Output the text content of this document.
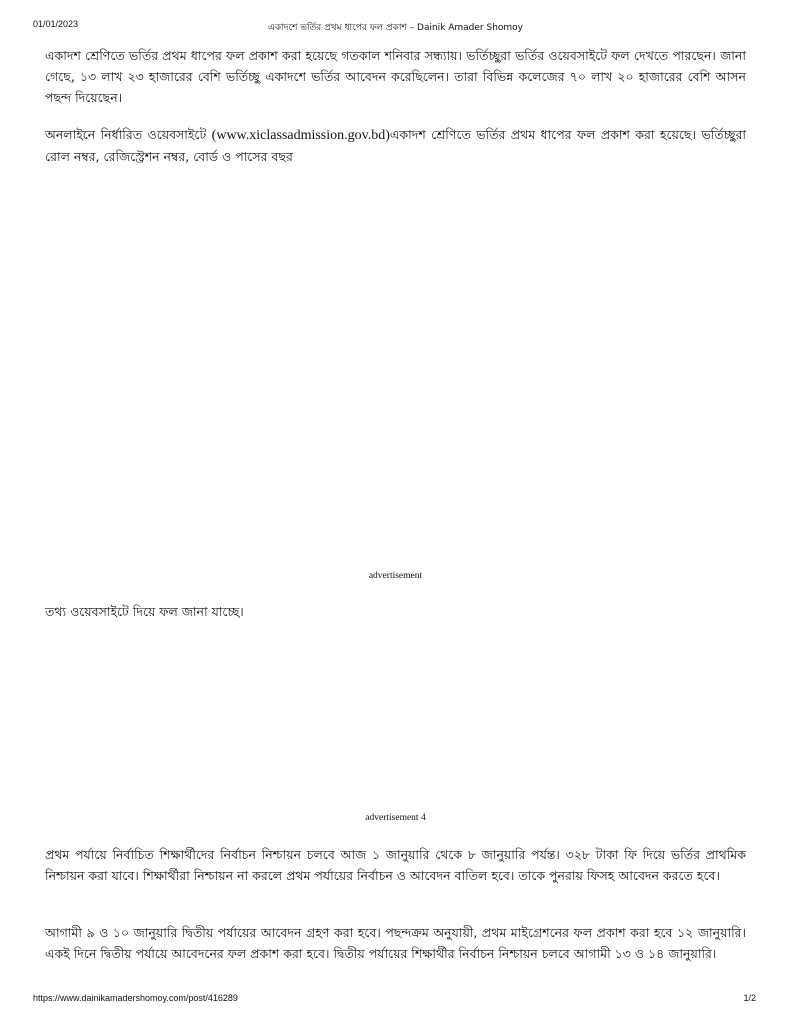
01/01/2023	একাদশে ভর্তির প্রথম ধাপের ফল প্রকাশ – Dainik Amader Shomoy

একাদশ শ্রেণিতে ভর্তির প্রথম ধাপের ফল প্রকাশ করা হয়েছে গতকাল শনিবার সন্ধ্যায়। ভর্তিচ্ছুরা ভর্তির ওয়েবসাইটে ফল দেখতে পারছেন। জানা গেছে, ১৩ লাখ ২৩ হাজারের বেশি ভর্তিচ্ছু একাদশে ভর্তির আবেদন করেছিলেন। তারা বিভিন্ন কলেজের ৭০ লাখ ২০ হাজারের বেশি আসন পছন্দ দিয়েছেন।

অনলাইনে নির্ধারিত ওয়েবসাইটে (www.xiclassadmission.gov.bd)একাদশ শ্রেণিতে ভর্তির প্রথম ধাপের ফল প্রকাশ করা হয়েছে। ভর্তিচ্ছুরা রোল নম্বর, রেজিস্ট্রেশন নম্বর, বোর্ড ও পাসের বছর

advertisement

তথ্য ওয়েবসাইটে দিয়ে ফল জানা যাচ্ছে।

advertisement 4

প্রথম পর্যায়ে নির্বাচিত শিক্ষার্থীদের নির্বাচন নিশ্চায়ন চলবে আজ ১ জানুয়ারি থেকে ৮ জানুয়ারি পর্যন্ত। ৩২৮ টাকা ফি দিয়ে ভর্তির প্রাথমিক নিশ্চায়ন করা যাবে। শিক্ষার্থীরা নিশ্চায়ন না করলে প্রথম পর্যায়ের নির্বাচন ও আবেদন বাতিল হবে। তাকে পুনরায় ফিসহ আবেদন করতে হবে।

আগামী ৯ ও ১০ জানুয়ারি দ্বিতীয় পর্যায়ের আবেদন গ্রহণ করা হবে। পছন্দক্রম অনুযায়ী, প্রথম মাইগ্রেশনের ফল প্রকাশ করা হবে ১২ জানুয়ারি। একই দিনে দ্বিতীয় পর্যায়ে আবেদনের ফল প্রকাশ করা হবে। দ্বিতীয় পর্যায়ের শিক্ষার্থীর নির্বাচন নিশ্চায়ন চলবে আগামী ১৩ ও ১৪ জানুয়ারি।

https://www.dainikamadershomoy.com/post/416289	1/2
